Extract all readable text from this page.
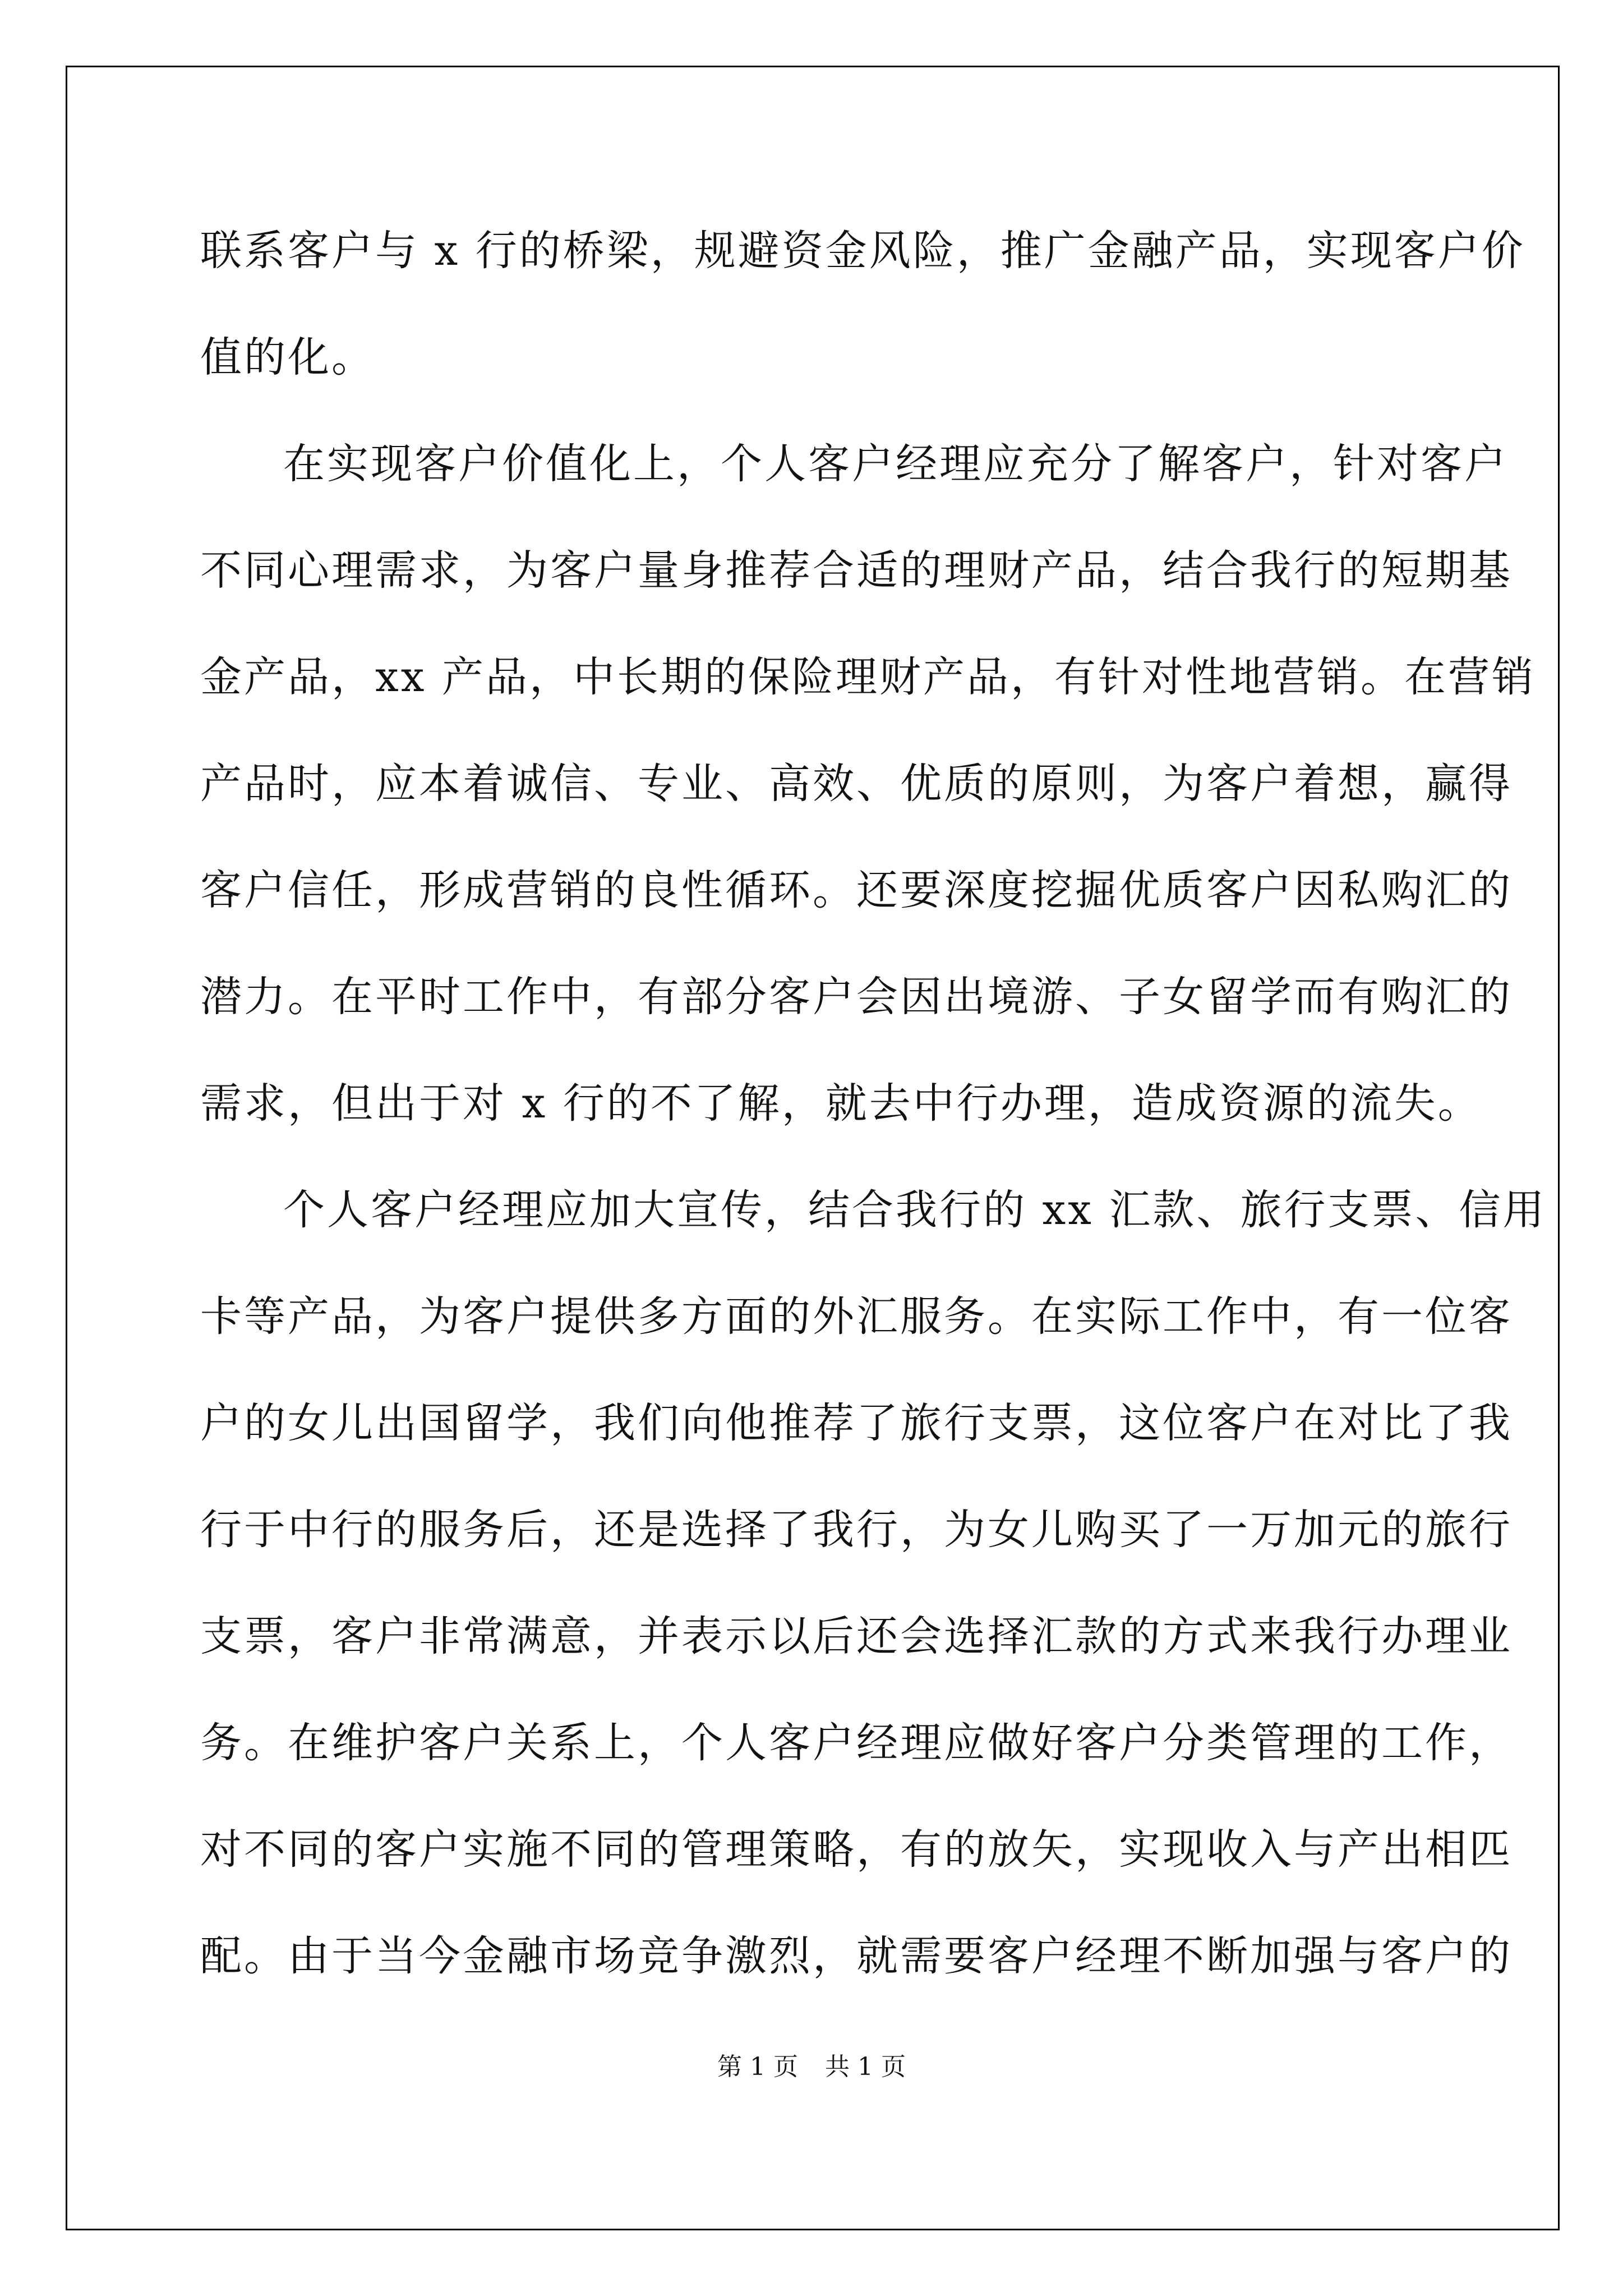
联系客户与 x 行的桥梁，规避资金风险，推广金融产品，实现客户价

值的化。

在实现客户价值化上，个人客户经理应充分了解客户，针对客户

不同心理需求，为客户量身推荐合适的理财产品，结合我行的短期基

金产品，xx 产品，中长期的保险理财产品，有针对性地营销。在营销

产品时，应本着诚信、专业、高效、优质的原则，为客户着想，赢得

客户信任，形成营销的良性循环。还要深度挖掘优质客户因私购汇的

潜力。在平时工作中，有部分客户会因出境游、子女留学而有购汇的

需求，但出于对 x 行的不了解，就去中行办理，造成资源的流失。

个人客户经理应加大宣传，结合我行的 xx 汇款、旅行支票、信用

卡等产品，为客户提供多方面的外汇服务。在实际工作中，有一位客

户的女儿出国留学，我们向他推荐了旅行支票，这位客户在对比了我

行于中行的服务后，还是选择了我行，为女儿购买了一万加元的旅行

支票，客户非常满意，并表示以后还会选择汇款的方式来我行办理业

务。在维护客户关系上，个人客户经理应做好客户分类管理的工作，

对不同的客户实施不同的管理策略，有的放矢，实现收入与产出相匹

配。由于当今金融市场竞争激烈，就需要客户经理不断加强与客户的

第 1 页 共 1 页
